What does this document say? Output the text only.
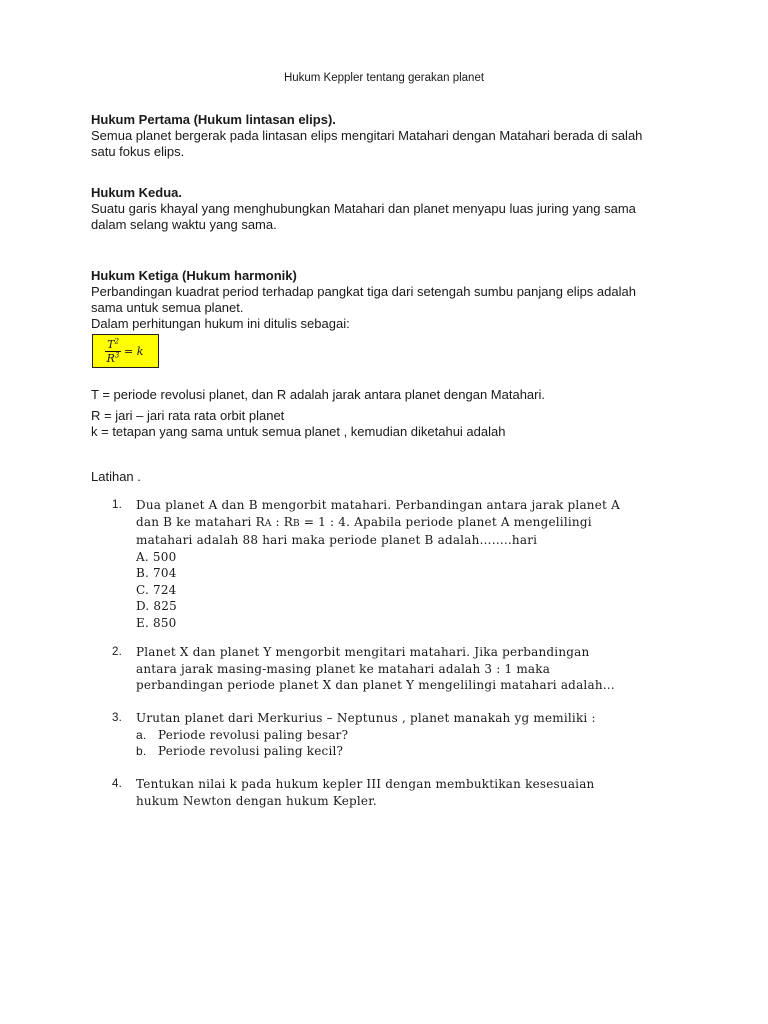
Hukum Keppler tentang gerakan planet
Hukum Pertama (Hukum lintasan elips).

Semua planet bergerak pada lintasan elips mengitari Matahari dengan Matahari berada di salah

satu fokus elips.

Hukum Kedua.

Suatu garis khayal yang menghubungkan Matahari dan planet menyapu luas juring yang sama

dalam selang waktu yang sama.

Hukum Ketiga (Hukum harmonik)

Perbandingan kuadrat period terhadap pangkat tiga dari setengah sumbu panjang elips adalah

sama untuk semua planet.

Dalam perhitungan hukum ini ditulis sebagai:

$\frac{T^2}{R^3} = k$
T = periode revolusi planet, dan R adalah jarak antara planet dengan Matahari.
R = jari – jari rata rata orbit planet
k = tetapan yang sama untuk semua planet , kemudian diketahui adalah
Latihan .
1. Dua planet A dan B mengorbit matahari. Perbandingan antara jarak planet A
dan B ke matahari RA : RB = 1 : 4. Apabila periode planet A mengelilingi
matahari adalah 88 hari maka periode planet B adalah……..hari
A. 500
B. 704
C. 724
D. 825
E. 850
2. Planet X dan planet Y mengorbit mengitari matahari. Jika perbandingan
antara jarak masing-masing planet ke matahari adalah 3 : 1 maka
perbandingan periode planet X dan planet Y mengelilingi matahari adalah…
3. Urutan planet dari Merkurius – Neptunus , planet manakah yg memiliki :
a. Periode revolusi paling besar?
b. Periode revolusi paling kecil?
4. Tentukan nilai k pada hukum kepler III dengan membuktikan kesesuaian
hukum Newton dengan hukum Kepler.
